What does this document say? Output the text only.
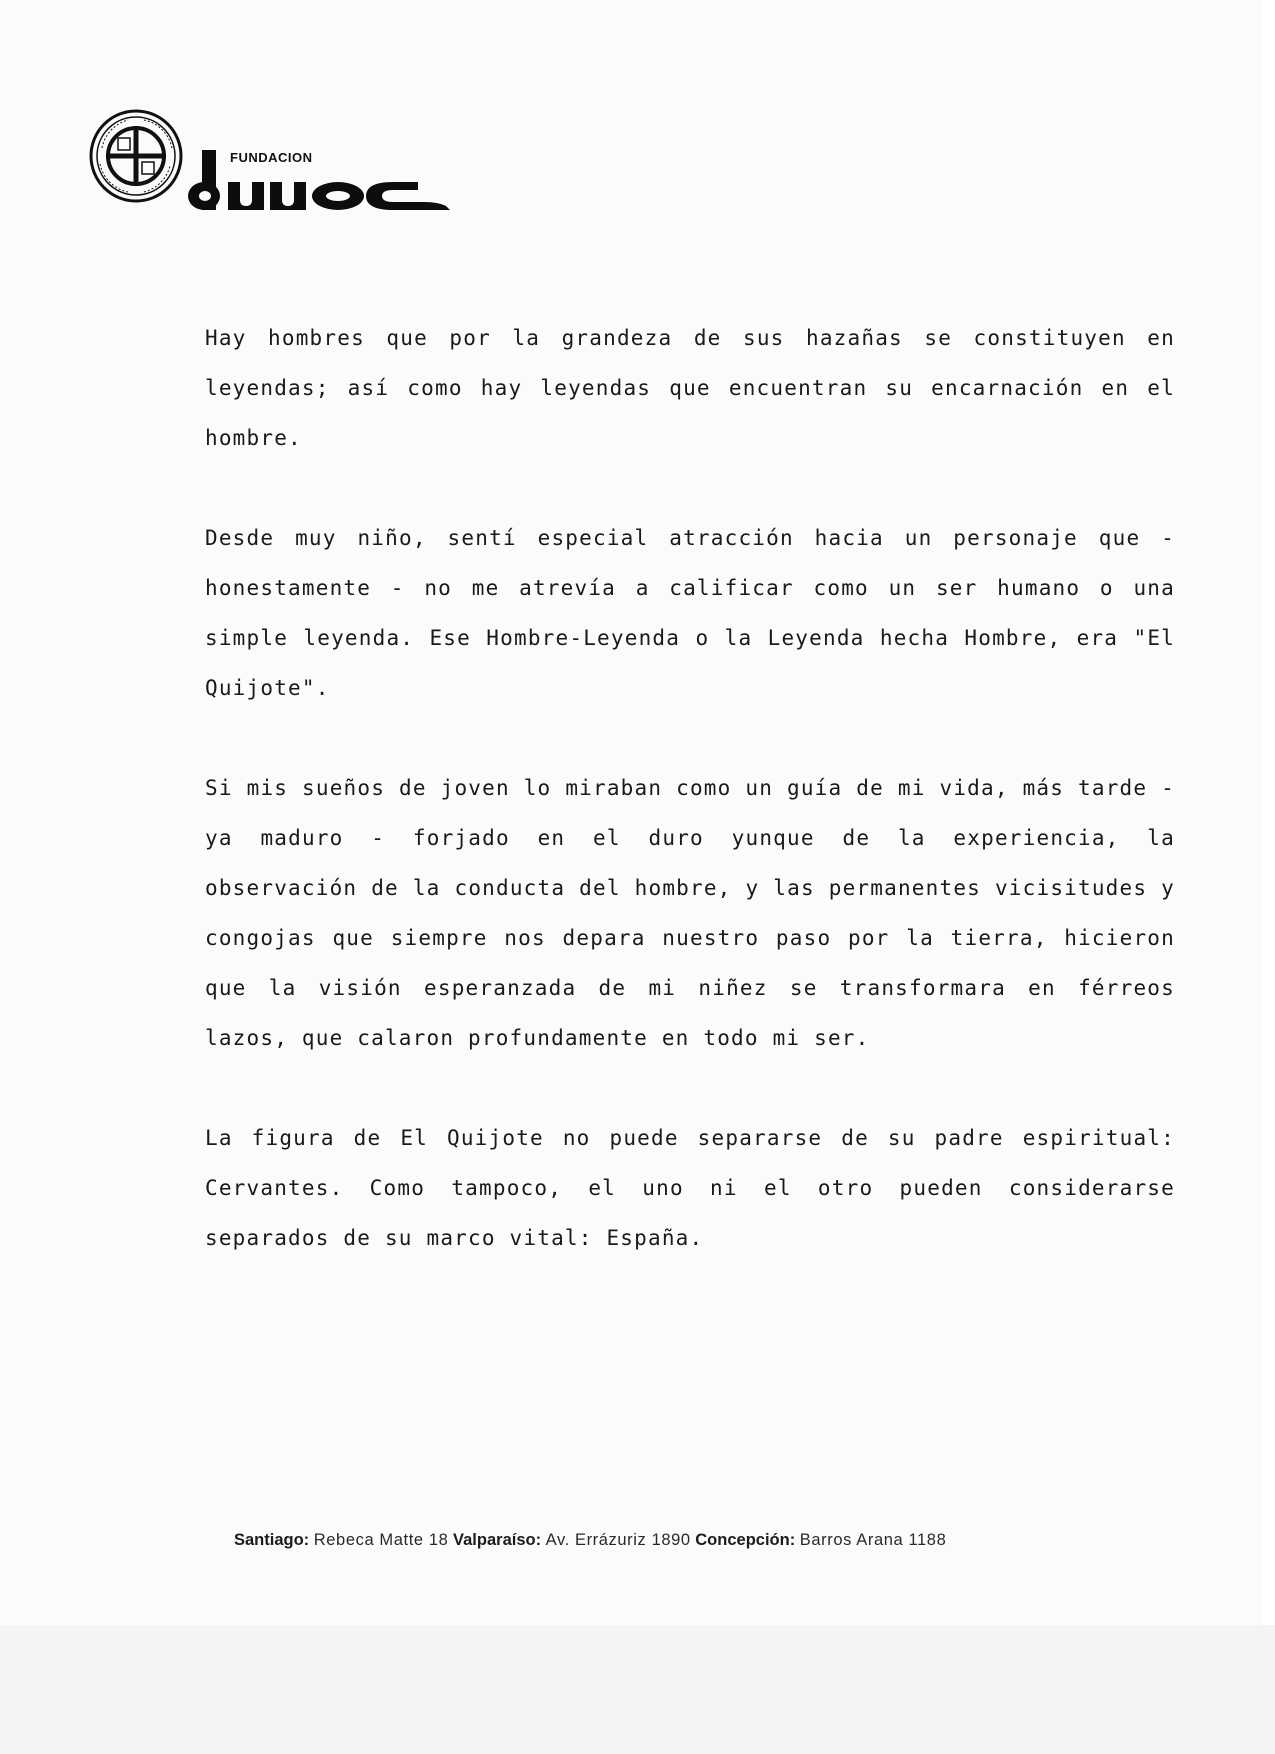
FUNDACION

Hay hombres que por la grandeza de sus hazañas se constituyen en leyendas; así como hay leyendas que encuentran su encarnación en el hombre.

Desde muy niño, sentí especial atracción hacia un personaje que - honestamente - no me atrevía a calificar como un ser humano o una simple leyenda. Ese Hombre-Leyenda o la Leyenda hecha Hombre, era "El Quijote".

Si mis sueños de joven lo miraban como un guía de mi vida, más tarde - ya maduro - forjado en el duro yunque de la experiencia, la observación de la conducta del hombre, y las permanentes vicisitudes y congojas que siempre nos depara nuestro paso por la tierra, hicieron que la visión esperanzada de mi niñez se transformara en férreos lazos, que calaron profundamente en todo mi ser.

La figura de El Quijote no puede separarse de su padre espiritual: Cervantes. Como tampoco, el uno ni el otro pueden considerarse separados de su marco vital: España.

Santiago: Rebeca Matte 18 Valparaíso: Av. Errázuriz 1890 Concepción: Barros Arana 1188
